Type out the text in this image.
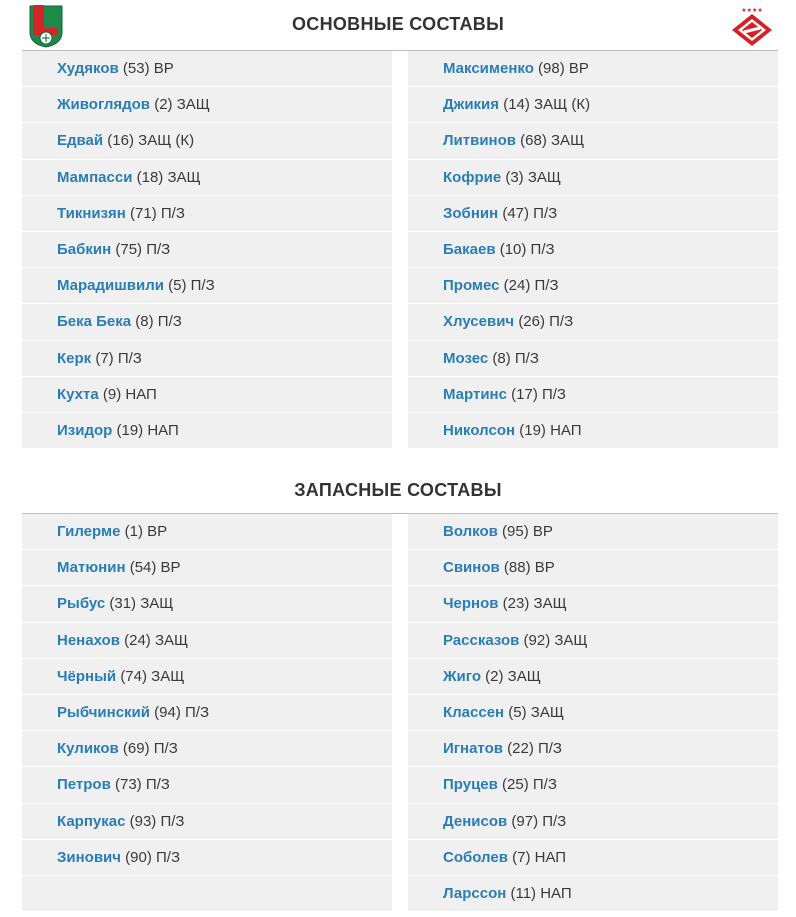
★★★★
ОСНОВНЫЕ СОСТАВЫ
Худяков (53) ВР
Живоглядов (2) ЗАЩ
Едвай (16) ЗАЩ (К)
Мампасси (18) ЗАЩ
Тикнизян (71) П/З
Бабкин (75) П/З
Марадишвили (5) П/З
Бека Бека (8) П/З
Керк (7) П/З
Кухта (9) НАП
Изидор (19) НАП
Максименко (98) ВР
Джикия (14) ЗАЩ (К)
Литвинов (68) ЗАЩ
Кофрие (3) ЗАЩ
Зобнин (47) П/З
Бакаев (10) П/З
Промес (24) П/З
Хлусевич (26) П/З
Мозес (8) П/З
Мартинс (17) П/З
Николсон (19) НАП
ЗАПАСНЫЕ СОСТАВЫ
Гилерме (1) ВР
Матюнин (54) ВР
Рыбус (31) ЗАЩ
Ненахов (24) ЗАЩ
Чёрный (74) ЗАЩ
Рыбчинский (94) П/З
Куликов (69) П/З
Петров (73) П/З
Карпукас (93) П/З
Зинович (90) П/З
Волков (95) ВР
Свинов (88) ВР
Чернов (23) ЗАЩ
Рассказов (92) ЗАЩ
Жиго (2) ЗАЩ
Классен (5) ЗАЩ
Игнатов (22) П/З
Пруцев (25) П/З
Денисов (97) П/З
Соболев (7) НАП
Ларссон (11) НАП
